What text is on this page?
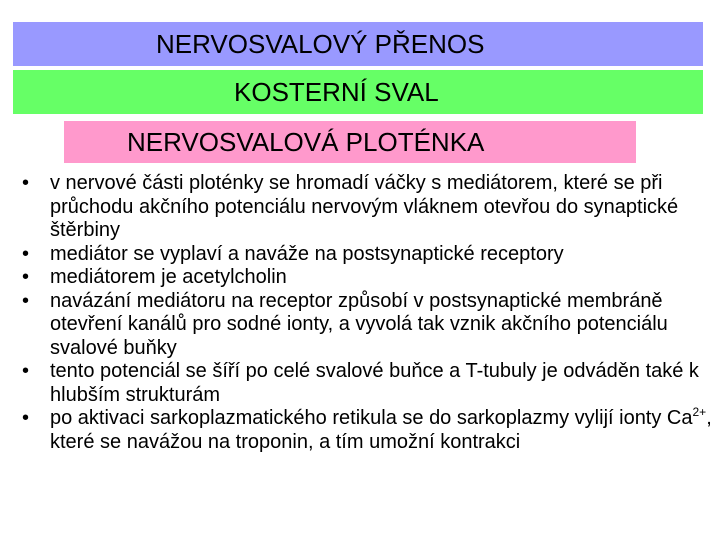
NERVOSVALOVÝ PŘENOS
KOSTERNÍ SVAL
NERVOSVALOVÁ PLOTÉNKA
• v nervové části ploténky se hromadí váčky s mediátorem, které se při průchodu akčního potenciálu nervovým vláknem otevřou do synaptické štěrbiny
• mediátor se vyplaví a naváže na postsynaptické receptory
• mediátorem je acetylcholin
• navázání mediátoru na receptor způsobí v postsynaptické membráně otevření kanálů pro sodné ionty, a vyvolá tak vznik akčního potenciálu svalové buňky
• tento potenciál se šíří po celé svalové buňce a T-tubuly je odváděn také k hlubším strukturám
• po aktivaci sarkoplazmatického retikula se do sarkoplazmy vylijí ionty $Ca^{2+}$, které se navážou na troponin, a tím umožní kontrakci
